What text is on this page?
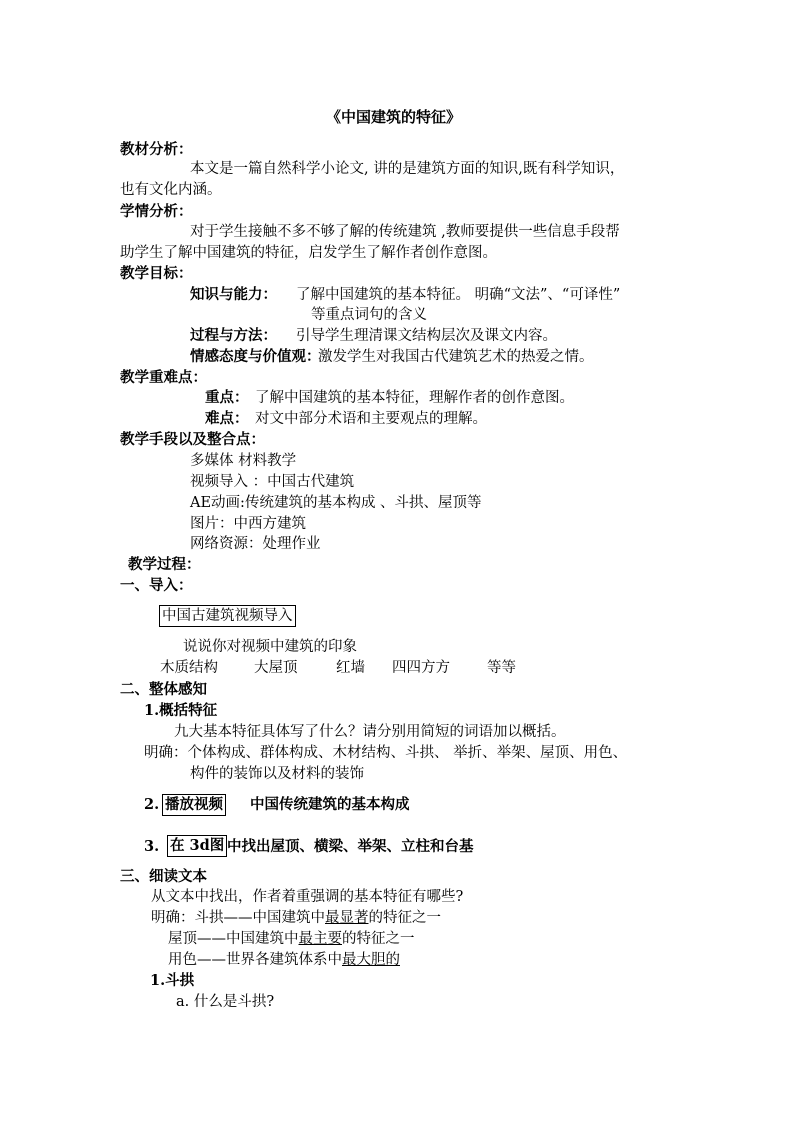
《中国建筑的特征》
教材分析：
本文是一篇自然科学小论文, 讲的是建筑方面的知识,既有科学知识，
也有文化内涵。
学情分析：
对于学生接触不多不够了解的传统建筑 ,教师要提供一些信息手段帮
助学生了解中国建筑的特征，启发学生了解作者创作意图。
教学目标：
知识与能力： 了解中国建筑的基本特征。 明确“文法”、“可译性”
等重点词句的含义
过程与方法： 引导学生理清课文结构层次及课文内容。
情感态度与价值观：
激发学生对我国古代建筑艺术的热爱之情。
教学重难点：
重点： 了解中国建筑的基本特征，理解作者的创作意图。
难点： 对文中部分术语和主要观点的理解。
教学手段以及整合点：
多媒体 材料教学
视频导入 ：中国古代建筑
AE动画:传统建筑的基本构成 、斗拱、屋顶等
图片：中西方建筑
网络资源：处理作业
教学过程：
一、导入：
中国古建筑视频导入
说说你对视频中建筑的印象
木质结构 大屋顶	红墙 四四方方	等等
二、整体感知
1.概括特征
九大基本特征具体写了什么？请分别用简短的词语加以概括。
明确：个体构成、群体构成、木材结构、斗拱、 举折、举架、屋顶、用色、
构件的装饰以及材料的装饰
2. 播放视频 中国传统建筑的基本构成
3. 在 3d图 中找出屋顶、横梁、举架、立柱和台基
三、细读文本
从文本中找出，作者着重强调的基本特征有哪些?
明确：斗拱——中国建筑中最显著的特征之一
屋顶——中国建筑中最主要的特征之一
用色——世界各建筑体系中最大胆的
1.斗拱
a. 什么是斗拱?
